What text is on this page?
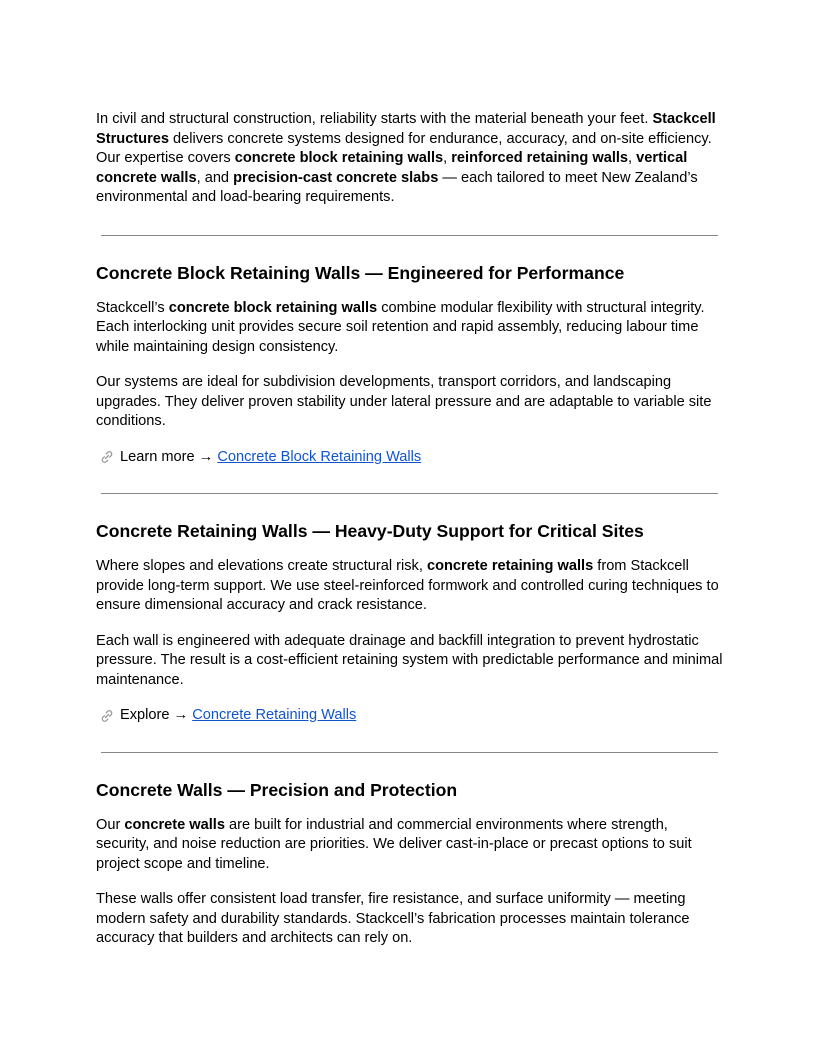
In civil and structural construction, reliability starts with the material beneath your feet. Stackcell Structures delivers concrete systems designed for endurance, accuracy, and on-site efficiency. Our expertise covers concrete block retaining walls, reinforced retaining walls, vertical concrete walls, and precision-cast concrete slabs — each tailored to meet New Zealand’s environmental and load-bearing requirements.

Concrete Block Retaining Walls — Engineered for Performance

Stackcell’s concrete block retaining walls combine modular flexibility with structural integrity. Each interlocking unit provides secure soil retention and rapid assembly, reducing labour time while maintaining design consistency.

Our systems are ideal for subdivision developments, transport corridors, and landscaping upgrades. They deliver proven stability under lateral pressure and are adaptable to variable site conditions.

Learn more → Concrete Block Retaining Walls

Concrete Retaining Walls — Heavy-Duty Support for Critical Sites

Where slopes and elevations create structural risk, concrete retaining walls from Stackcell provide long-term support. We use steel-reinforced formwork and controlled curing techniques to ensure dimensional accuracy and crack resistance.

Each wall is engineered with adequate drainage and backfill integration to prevent hydrostatic pressure. The result is a cost-efficient retaining system with predictable performance and minimal maintenance.

Explore → Concrete Retaining Walls

Concrete Walls — Precision and Protection

Our concrete walls are built for industrial and commercial environments where strength, security, and noise reduction are priorities. We deliver cast-in-place or precast options to suit project scope and timeline.

These walls offer consistent load transfer, fire resistance, and surface uniformity — meeting modern safety and durability standards. Stackcell’s fabrication processes maintain tolerance accuracy that builders and architects can rely on.
